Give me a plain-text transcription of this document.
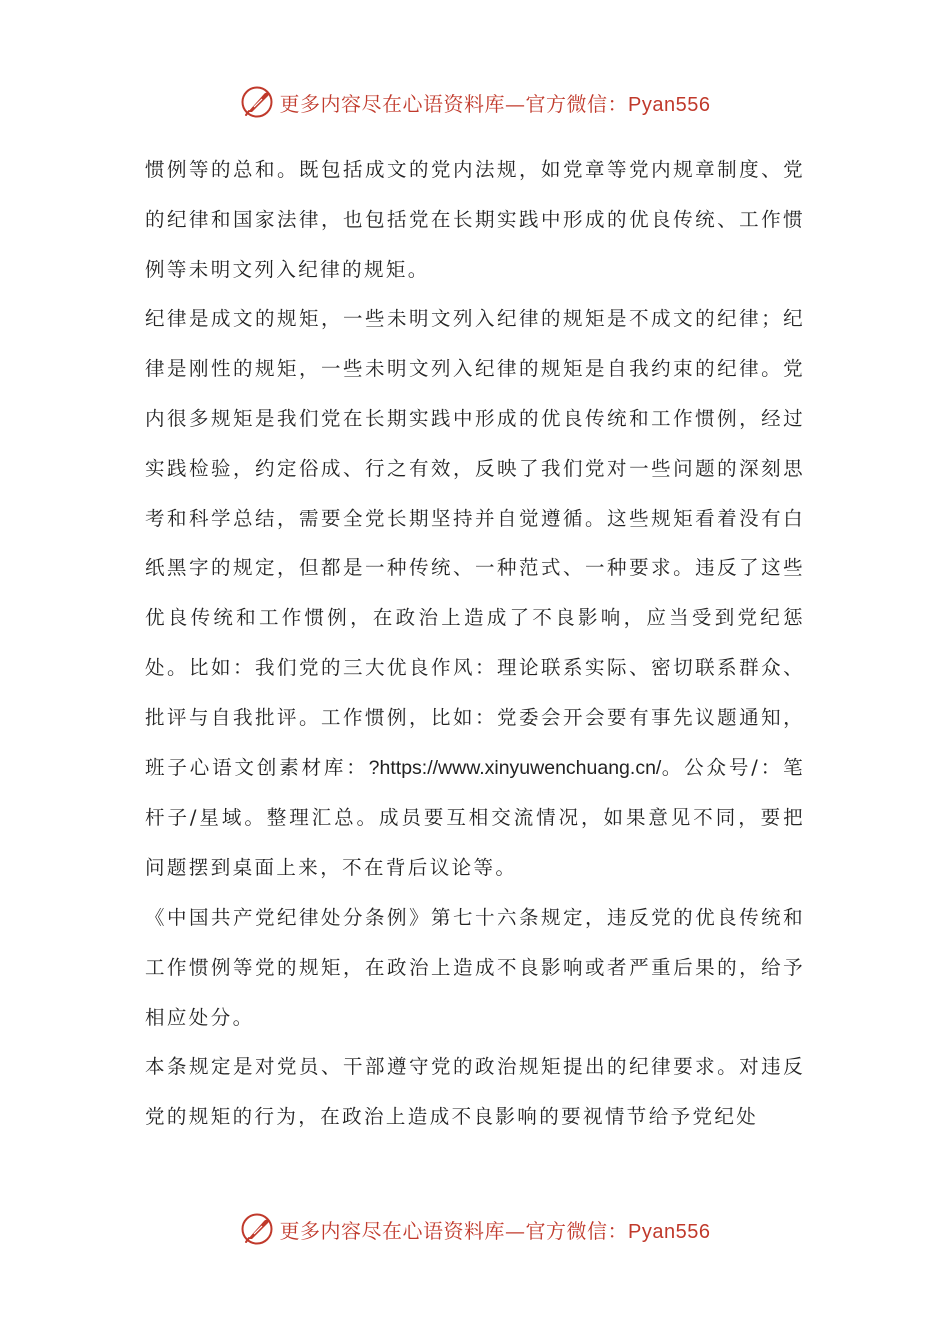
更多内容尽在心语资料库—官方微信：Pyan556

惯例等的总和。既包括成文的党内法规，如党章等党内规章制度、党的纪律和国家法律，也包括党在长期实践中形成的优良传统、工作惯例等未明文列入纪律的规矩。

纪律是成文的规矩，一些未明文列入纪律的规矩是不成文的纪律；纪律是刚性的规矩，一些未明文列入纪律的规矩是自我约束的纪律。党内很多规矩是我们党在长期实践中形成的优良传统和工作惯例，经过实践检验，约定俗成、行之有效，反映了我们党对一些问题的深刻思考和科学总结，需要全党长期坚持并自觉遵循。这些规矩看着没有白纸黑字的规定，但都是一种传统、一种范式、一种要求。违反了这些优良传统和工作惯例，在政治上造成了不良影响，应当受到党纪惩处。比如：我们党的三大优良作风：理论联系实际、密切联系群众、批评与自我批评。工作惯例，比如：党委会开会要有事先议题通知，班子心语文创素材库：?https://www.xinyuwenchuang.cn/。公众号/：笔杆子/星域。整理汇总。成员要互相交流情况，如果意见不同，要把问题摆到桌面上来，不在背后议论等。

《中国共产党纪律处分条例》第七十六条规定，违反党的优良传统和工作惯例等党的规矩，在政治上造成不良影响或者严重后果的，给予相应处分。

本条规定是对党员、干部遵守党的政治规矩提出的纪律要求。对违反党的规矩的行为，在政治上造成不良影响的要视情节给予党纪处

更多内容尽在心语资料库—官方微信：Pyan556
